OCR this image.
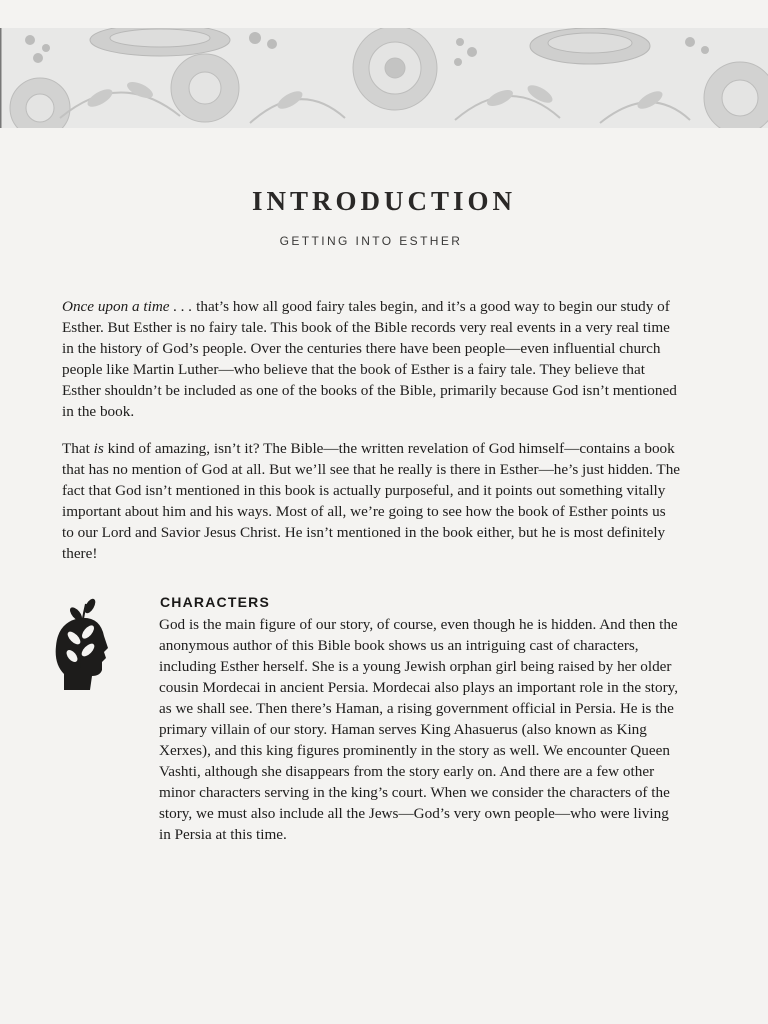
INTRODUCTION
GETTING INTO ESTHER

Once upon a time . . . that’s how all good fairy tales begin, and it’s a good way to begin our study of Esther. But Esther is no fairy tale. This book of the Bible records very real events in a very real time in the history of God’s people. Over the centuries there have been people—even influential church people like Martin Luther—who believe that the book of Esther is a fairy tale. They believe that Esther shouldn’t be included as one of the books of the Bible, primarily because God isn’t mentioned in the book.

That is kind of amazing, isn’t it? The Bible—the written revelation of God himself—contains a book that has no mention of God at all. But we’ll see that he really is there in Esther—he’s just hidden. The fact that God isn’t mentioned in this book is actually purposeful, and it points out something vitally important about him and his ways. Most of all, we’re going to see how the book of Esther points us to our Lord and Savior Jesus Christ. He isn’t mentioned in the book either, but he is most definitely there!

CHARACTERS

God is the main figure of our story, of course, even though he is hidden. And then the anonymous author of this Bible book shows us an intriguing cast of characters, including Esther herself. She is a young Jewish orphan girl being raised by her older cousin Mordecai in ancient Persia. Mordecai also plays an important role in the story, as we shall see. Then there’s Haman, a rising government official in Persia. He is the primary villain of our story. Haman serves King Ahasuerus (also known as King Xerxes), and this king figures prominently in the story as well. We encounter Queen Vashti, although she disappears from the story early on. And there are a few other minor characters serving in the king’s court. When we consider the characters of the story, we must also include all the Jews—God’s very own people—who were living in Persia at this time.
